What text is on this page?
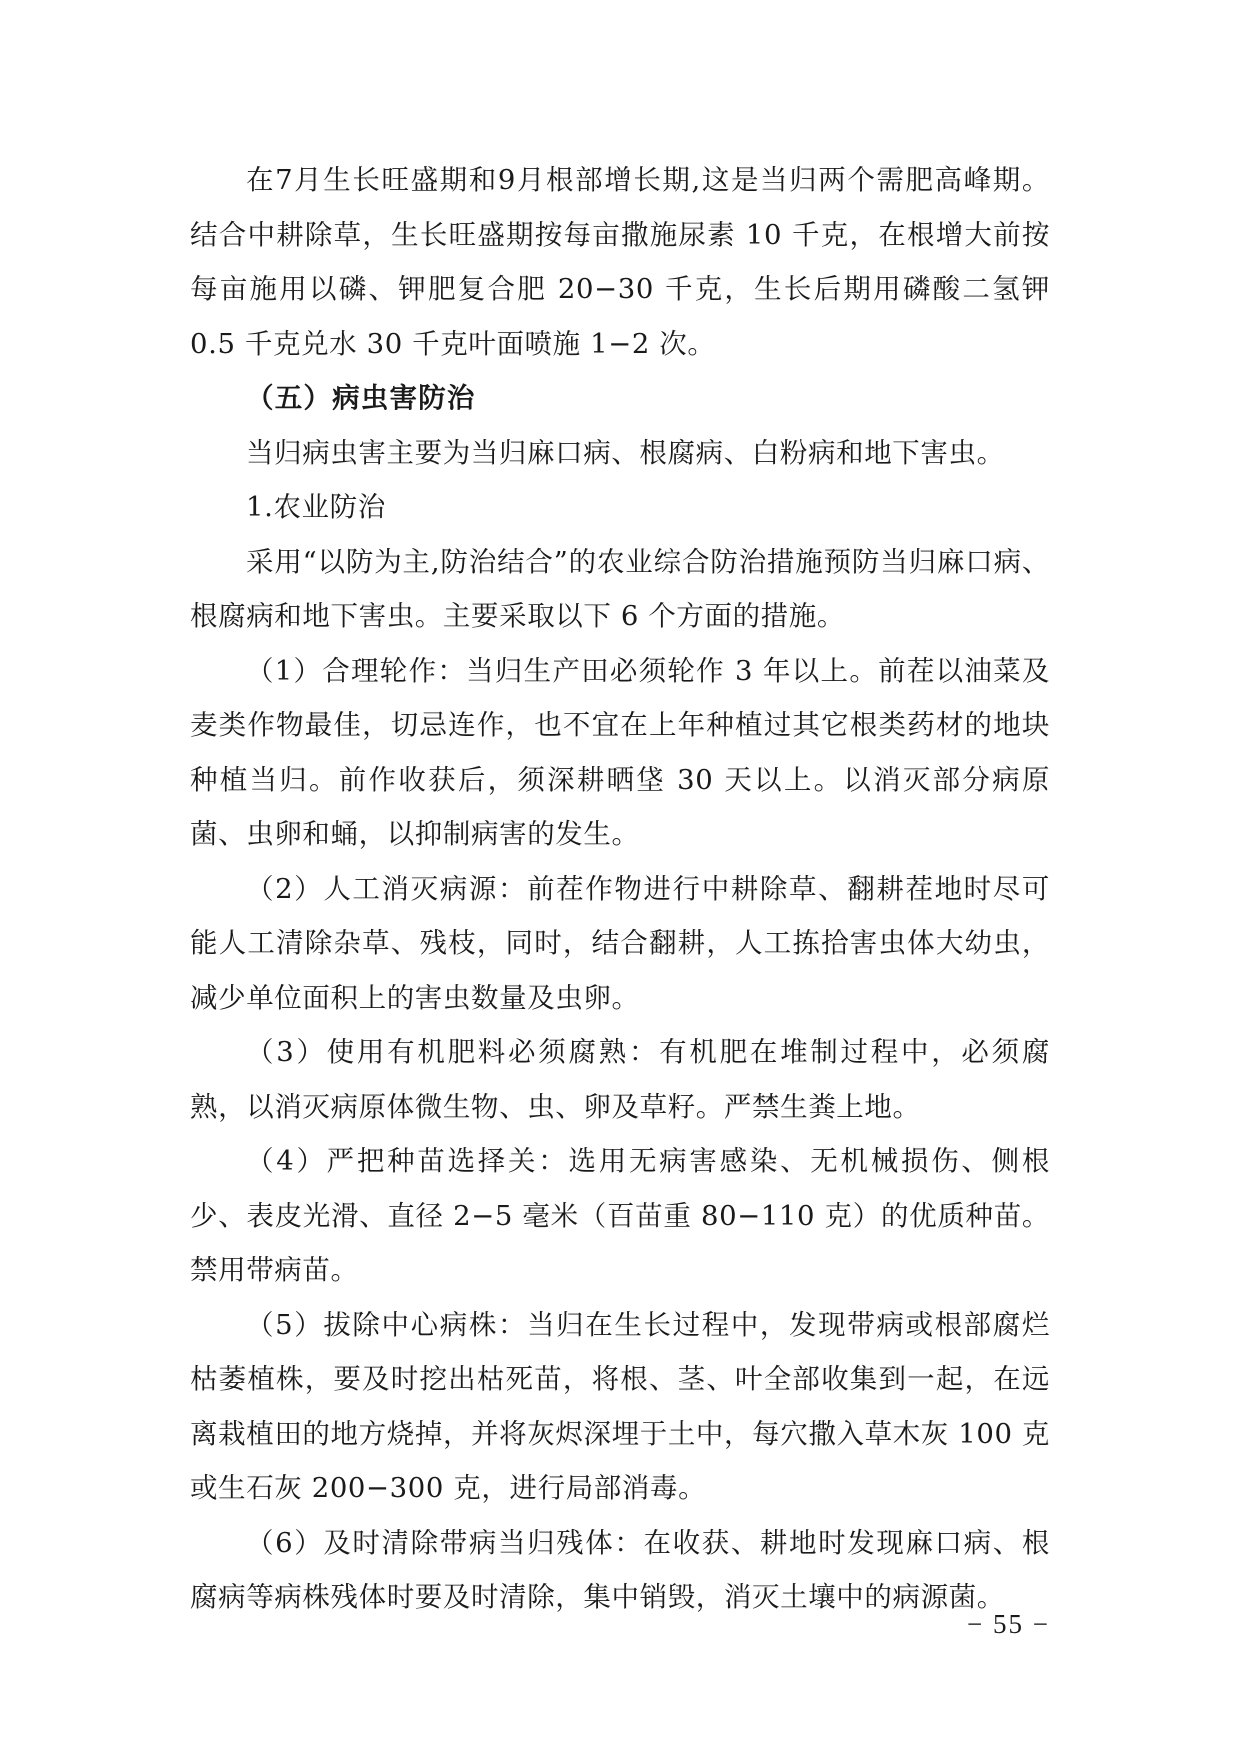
在7月生长旺盛期和9月根部增长期,这是当归两个需肥高峰期。结合中耕除草，生长旺盛期按每亩撒施尿素 10 千克，在根增大前按每亩施用以磷、钾肥复合肥 20−30 千克，生长后期用磷酸二氢钾 0.5 千克兑水 30 千克叶面喷施 1−2 次。

（五）病虫害防治

当归病虫害主要为当归麻口病、根腐病、白粉病和地下害虫。

1.农业防治

采用“以防为主,防治结合”的农业综合防治措施预防当归麻口病、根腐病和地下害虫。主要采取以下 6 个方面的措施。

（1）合理轮作：当归生产田必须轮作 3 年以上。前茬以油菜及麦类作物最佳，切忌连作，也不宜在上年种植过其它根类药材的地块种植当归。前作收获后，须深耕晒垡 30 天以上。以消灭部分病原菌、虫卵和蛹，以抑制病害的发生。

（2）人工消灭病源：前茬作物进行中耕除草、翻耕茬地时尽可能人工清除杂草、残枝，同时，结合翻耕，人工拣拾害虫体大幼虫，减少单位面积上的害虫数量及虫卵。

（3）使用有机肥料必须腐熟：有机肥在堆制过程中，必须腐熟，以消灭病原体微生物、虫、卵及草籽。严禁生粪上地。

（4）严把种苗选择关：选用无病害感染、无机械损伤、侧根少、表皮光滑、直径 2−5 毫米（百苗重 80−110 克）的优质种苗。禁用带病苗。

（5）拔除中心病株：当归在生长过程中，发现带病或根部腐烂枯萎植株，要及时挖出枯死苗，将根、茎、叶全部收集到一起，在远离栽植田的地方烧掉，并将灰烬深埋于土中，每穴撒入草木灰 100 克或生石灰 200−300 克，进行局部消毒。

（6）及时清除带病当归残体：在收获、耕地时发现麻口病、根腐病等病株残体时要及时清除，集中销毁，消灭土壤中的病源菌。

− 55 −
